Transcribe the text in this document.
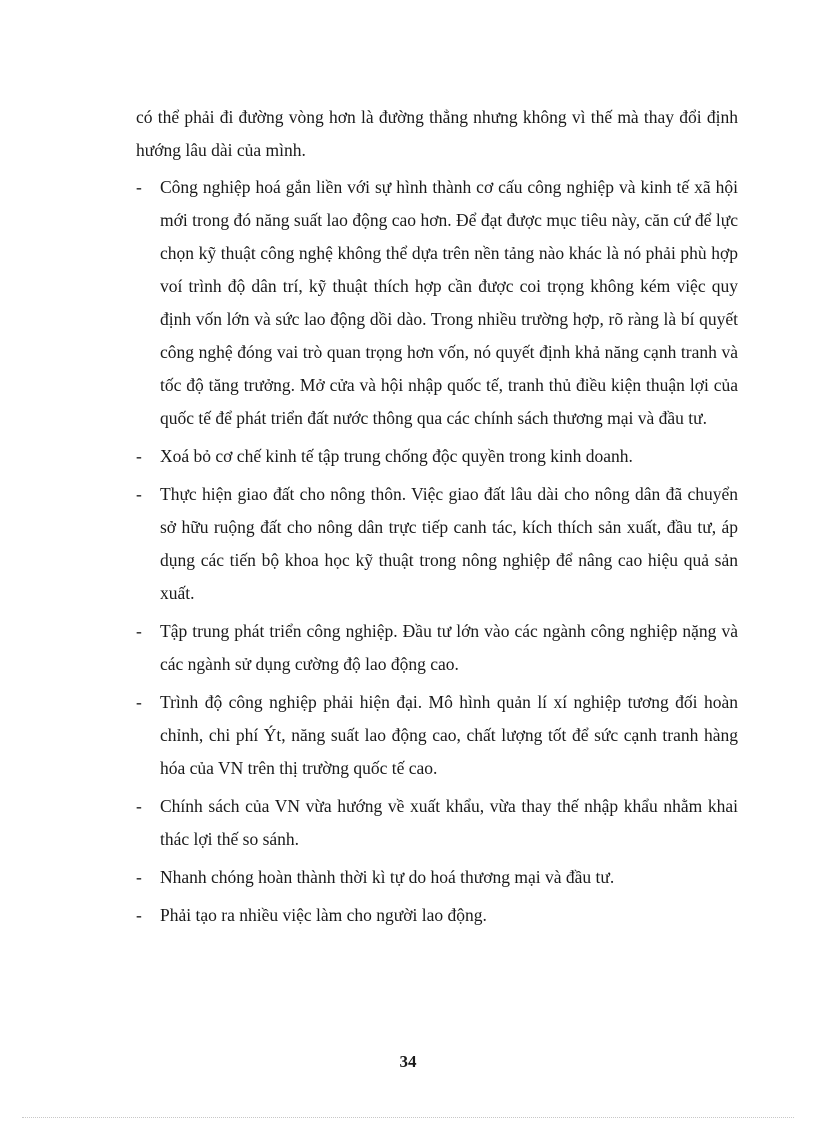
có thể phải đi đường vòng hơn là đường thẳng nhưng không vì thế mà thay đổi định hướng lâu dài của mình.

-	Công nghiệp hoá gắn liền với sự hình thành cơ cấu công nghiệp và kinh tế xã hội mới trong đó năng suất lao động cao hơn. Để đạt được mục tiêu này, căn cứ để lực chọn kỹ thuật công nghệ không thể dựa trên nền tảng nào khác là nó phải phù hợp voí trình độ dân trí, kỹ thuật thích hợp cần được coi trọng không kém việc quy định vốn lớn và sức lao động dồi dào. Trong nhiều trường hợp, rõ ràng là bí quyết công nghệ đóng vai trò quan trọng hơn vốn, nó quyết định khả năng cạnh tranh và tốc độ tăng trưởng. Mở cửa và hội nhập quốc tế, tranh thủ điều kiện thuận lợi của quốc tế để phát triển đất nước thông qua các chính sách thương mại và đầu tư.
-	Xoá bỏ cơ chế kinh tế tập trung chống độc quyền trong kinh doanh.
-	Thực hiện giao đất cho nông thôn. Việc giao đất lâu dài cho nông dân đã chuyển sở hữu ruộng đất cho nông dân trực tiếp canh tác, kích thích sản xuất, đầu tư, áp dụng các tiến bộ khoa học kỹ thuật trong nông nghiệp để nâng cao hiệu quả sản xuất.
-	Tập trung phát triển công nghiệp. Đầu tư lớn vào các ngành công nghiệp nặng và các ngành sử dụng cường độ lao động cao.
-	Trình độ công nghiệp phải hiện đại. Mô hình quản lí xí nghiệp tương đối hoàn chỉnh, chi phí Ýt, năng suất lao động cao, chất lượng tốt để sức cạnh tranh hàng hóa của VN trên thị trường quốc tế cao.
-	Chính sách của VN vừa hướng về xuất khẩu, vừa thay thế nhập khẩu nhằm khai thác lợi thế so sánh.
-	Nhanh chóng hoàn thành thời kì tự do hoá thương mại và đầu tư.
-	Phải tạo ra nhiều việc làm cho người lao động.

34
